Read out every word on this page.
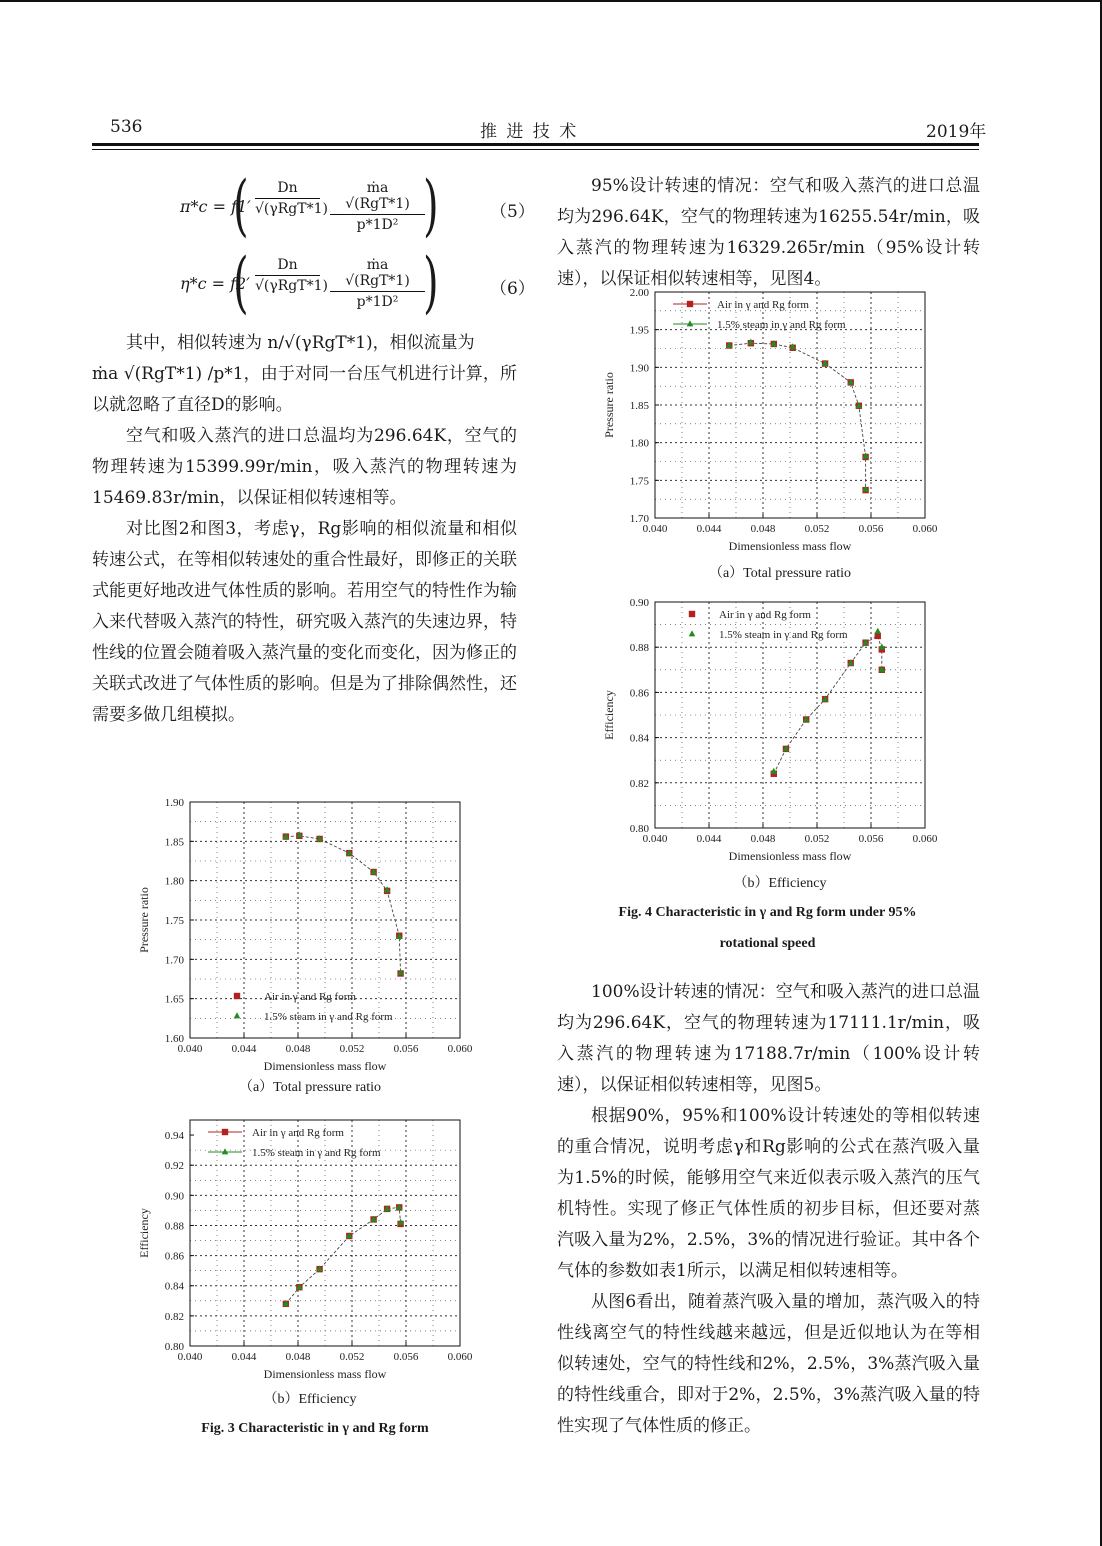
536	推 进 技 术	2019年
π*c = f1′
(	Dn
√(γRgT*1)
ṁa √(RgT*1)
p*1D² )	（5）
η*c = f2′
(	Dn
√(γRgT*1)
ṁa √(RgT*1)
p*1D² )	（6）

其中，相似转速为 n/√(γRgT*1)，相似流量为

ṁa √(RgT*1) /p*1，由于对同一台压气机进行计算，所以就忽略了直径D的影响。

空气和吸入蒸汽的进口总温均为296.64K，空气的物理转速为15399.99r/min，吸入蒸汽的物理转速为15469.83r/min，以保证相似转速相等。

对比图2和图3，考虑γ，Rg影响的相似流量和相似转速公式，在等相似转速处的重合性最好，即修正的关联式能更好地改进气体性质的影响。若用空气的特性作为输入来代替吸入蒸汽的特性，研究吸入蒸汽的失速边界，特性线的位置会随着吸入蒸汽量的变化而变化，因为修正的关联式改进了气体性质的影响。但是为了排除偶然性，还需要多做几组模拟。

95%设计转速的情况：空气和吸入蒸汽的进口总温均为296.64K，空气的物理转速为16255.54r/min，吸入蒸汽的物理转速为16329.265r/min（95%设计转速），以保证相似转速相等，见图4。

0.040	0.044	0.048	0.052	0.056	0.060
1.60
1.65
1.70
1.75
1.80
1.85
1.90
Dimensionless mass flow
Pressure ratio
Air in γ and Rg form
1.5% steam in γ and Rg form
（a）Total pressure ratio
0.040	0.044	0.048	0.052	0.056	0.060
0.80
0.82
0.84
0.86
0.88
0.90
0.92
0.94
Dimensionless mass flow
Efficiency
Air in γ and Rg form
1.5% steam in γ and Rg form
（b）Efficiency
Fig. 3 Characteristic in γ and Rg form
0.040	0.044	0.048	0.052	0.056	0.060
1.70
1.75
1.80
1.85
1.90
1.95
2.00
Dimensionless mass flow
Pressure ratio
Air in γ and Rg form
1.5% steam in γ and Rg form
（a）Total pressure ratio
0.040	0.044	0.048	0.052	0.056	0.060
0.80
0.82
0.84
0.86
0.88
0.90
Dimensionless mass flow
Efficiency
Air in γ and Rg form
1.5% steam in γ and Rg form
（b）Efficiency
Fig. 4 Characteristic in γ and Rg form under 95%
rotational speed

100%设计转速的情况：空气和吸入蒸汽的进口总温均为296.64K，空气的物理转速为17111.1r/min，吸入蒸汽的物理转速为17188.7r/min（100%设计转速），以保证相似转速相等，见图5。

根据90%，95%和100%设计转速处的等相似转速的重合情况，说明考虑γ和Rg影响的公式在蒸汽吸入量为1.5%的时候，能够用空气来近似表示吸入蒸汽的压气机特性。实现了修正气体性质的初步目标，但还要对蒸汽吸入量为2%，2.5%，3%的情况进行验证。其中各个气体的参数如表1所示，以满足相似转速相等。

从图6看出，随着蒸汽吸入量的增加，蒸汽吸入的特性线离空气的特性线越来越远，但是近似地认为在等相似转速处，空气的特性线和2%，2.5%，3%蒸汽吸入量的特性线重合，即对于2%，2.5%，3%蒸汽吸入量的特性实现了气体性质的修正。
